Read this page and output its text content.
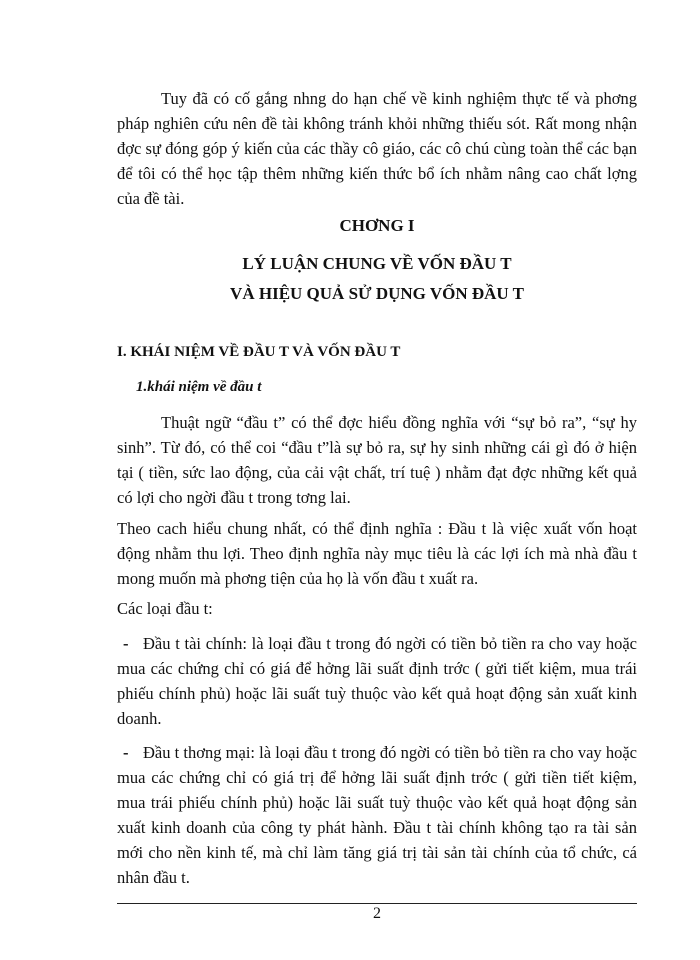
Tuy đã có cố gắng nhng do hạn chế về kinh nghiệm thực tế và phơng pháp nghiên cứu nên đề tài không tránh khỏi những thiếu sót. Rất mong nhận đợc sự đóng góp ý kiến của các thầy cô giáo, các cô chú cùng toàn thể các bạn để tôi có thể học tập thêm những kiến thức bổ ích nhằm nâng cao chất lợng của đề tài.

CHƠNG I

LÝ LUẬN CHUNG VỀ VỐN ĐẦU T

VÀ HIỆU QUẢ SỬ DỤNG VỐN ĐẦU T

I. KHÁI NIỆM VỀ ĐẦU T VÀ VỐN ĐẦU T

1.khái niệm về đầu t

Thuật ngữ “đầu t” có thể đợc hiểu đồng nghĩa với “sự bỏ ra”, “sự hy sinh”. Từ đó, có thể coi “đầu t”là sự bỏ ra, sự hy sinh những cái gì đó ở hiện tại ( tiền, sức lao động, của cải vật chất, trí tuệ ) nhằm đạt đợc những kết quả có lợi cho ngời đầu t trong tơng lai.

Theo cach hiểu chung nhất, có thể định nghĩa : Đầu t là việc xuất vốn hoạt động nhằm thu lợi. Theo định nghĩa này mục tiêu là các lợi ích mà nhà đầu t mong muốn mà phơng tiện của họ là vốn đầu t xuất ra.

Các loại đầu t:

- Đầu t tài chính: là loại đầu t trong đó ngời có tiền bỏ tiền ra cho vay hoặc mua các chứng chỉ có giá để hởng lãi suất định trớc ( gửi tiết kiệm, mua trái phiếu chính phủ) hoặc lãi suất tuỳ thuộc vào kết quả hoạt động sản xuất kinh doanh.

- Đầu t thơng mại: là loại đầu t trong đó ngời có tiền bỏ tiền ra cho vay hoặc mua các chứng chỉ có giá trị để hởng lãi suất định trớc ( gửi tiền tiết kiệm, mua trái phiếu chính phủ) hoặc lãi suất tuỳ thuộc vào kết quả hoạt động sản xuất kinh doanh của công ty phát hành. Đầu t tài chính không tạo ra tài sản mới cho nền kinh tế, mà chỉ làm tăng giá trị tài sản tài chính của tổ chức, cá nhân đầu t.

2
